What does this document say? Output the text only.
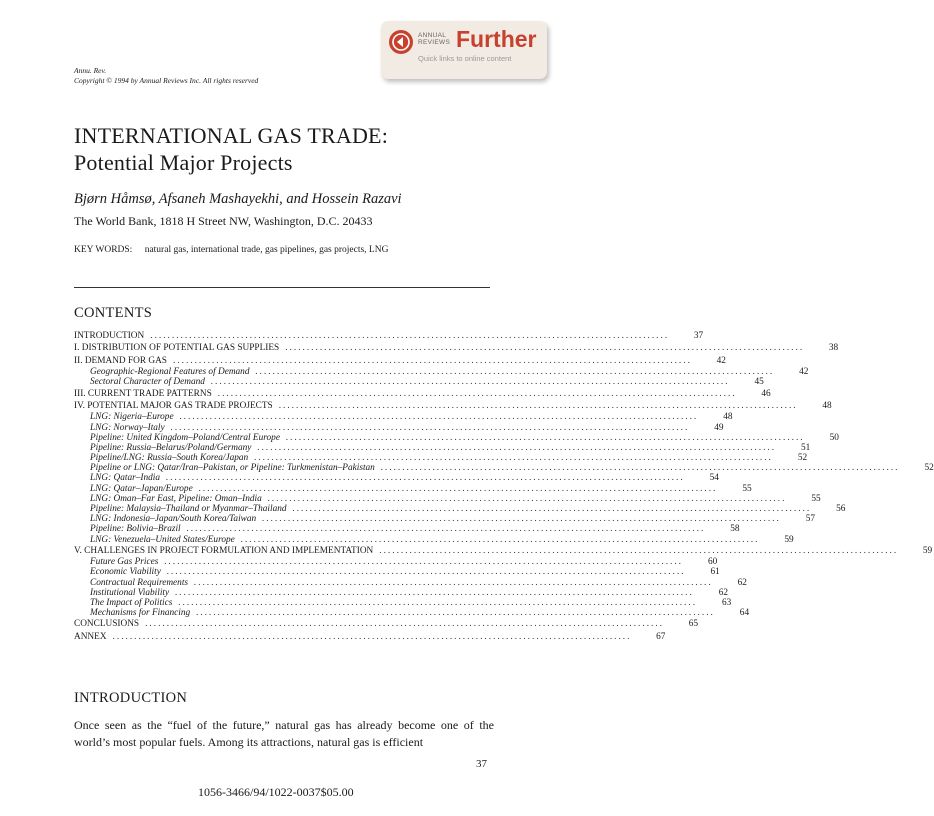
ANNUAL
REVIEWS Further
Quick links to online content
Annu. Rev.
Copyright © 1994 by Annual Reviews Inc. All rights reserved
INTERNATIONAL GAS TRADE:
Potential Major Projects
Bjørn Håmsø, Afsaneh Mashayekhi, and Hossein Razavi
The World Bank, 1818 H Street NW, Washington, D.C. 20433
KEY WORDS: natural gas, international trade, gas pipelines, gas projects, LNG
CONTENTS
INTRODUCTION ........................................................................................................................	37
I. DISTRIBUTION OF POTENTIAL GAS SUPPLIES ........................................................................................................................	38
II. DEMAND FOR GAS ........................................................................................................................	42
Geographic-Regional Features of Demand ........................................................................................................................	42
Sectoral Character of Demand ........................................................................................................................	45
III. CURRENT TRADE PATTERNS ........................................................................................................................	46
IV. POTENTIAL MAJOR GAS TRADE PROJECTS ........................................................................................................................	48
LNG: Nigeria–Europe ........................................................................................................................	48
LNG: Norway–Italy ........................................................................................................................	49
Pipeline: United Kingdom–Poland/Central Europe ........................................................................................................................	50
Pipeline: Russia–Belarus/Poland/Germany ........................................................................................................................	51
Pipeline/LNG: Russia–South Korea/Japan ........................................................................................................................	52
Pipeline or LNG: Qatar/Iran–Pakistan, or Pipeline: Turkmenistan–Pakistan ........................................................................................................................	52
LNG: Qatar–India ........................................................................................................................	54
LNG: Qatar–Japan/Europe ........................................................................................................................	55
LNG: Oman–Far East, Pipeline: Oman–India ........................................................................................................................	55
Pipeline: Malaysia–Thailand or Myanmar–Thailand ........................................................................................................................	56
LNG: Indonesia–Japan/South Korea/Taiwan ........................................................................................................................	57
Pipeline: Bolivia–Brazil ........................................................................................................................	58
LNG: Venezuela–United States/Europe ........................................................................................................................	59
V. CHALLENGES IN PROJECT FORMULATION AND IMPLEMENTATION ........................................................................................................................	59
Future Gas Prices ........................................................................................................................	60
Economic Viability ........................................................................................................................	61
Contractual Requirements ........................................................................................................................	62
Institutional Viability ........................................................................................................................	62
The Impact of Politics ........................................................................................................................	63
Mechanisms for Financing ........................................................................................................................	64
CONCLUSIONS ........................................................................................................................	65
ANNEX ........................................................................................................................	67
INTRODUCTION
Once seen as the “fuel of the future,” natural gas has already become one of the world’s most popular fuels. Among its attractions, natural gas is efficient
37
1056-3466/94/1022-0037$05.00
